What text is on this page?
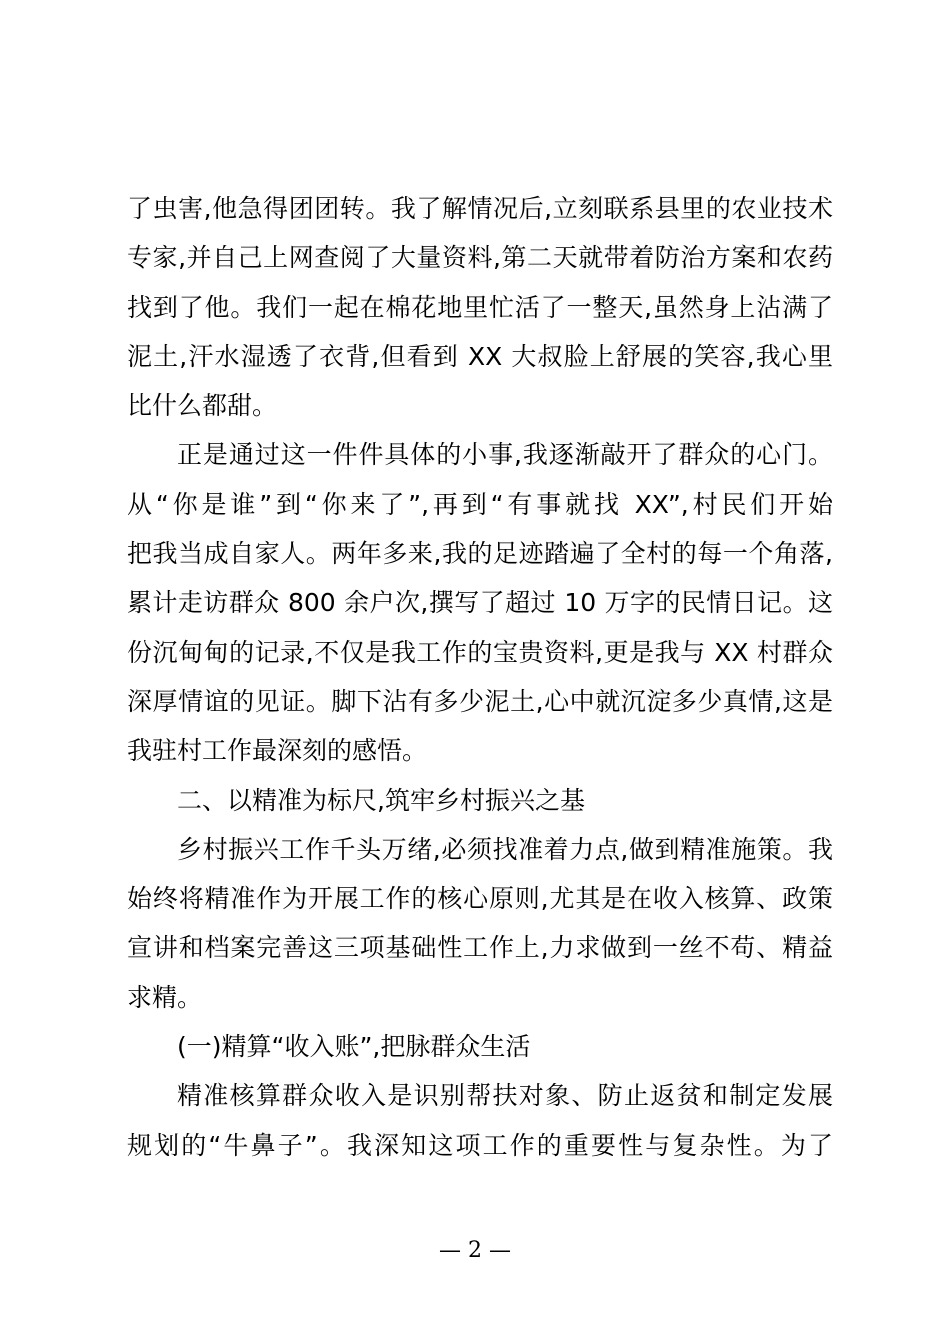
了虫害,他急得团团转。我了解情况后,立刻联系县里的农业技术
专家,并自己上网查阅了大量资料,第二天就带着防治方案和农药
找到了他。我们一起在棉花地里忙活了一整天,虽然身上沾满了
泥土,汗水湿透了衣背,但看到 XX 大叔脸上舒展的笑容,我心里
比什么都甜。

正是通过这一件件具体的小事,我逐渐敲开了群众的心门。
从“你是谁”到“你来了”,再到“有事就找 XX”,村民们开始
把我当成自家人。两年多来,我的足迹踏遍了全村的每一个角落,
累计走访群众 800 余户次,撰写了超过 10 万字的民情日记。这
份沉甸甸的记录,不仅是我工作的宝贵资料,更是我与 XX 村群众
深厚情谊的见证。脚下沾有多少泥土,心中就沉淀多少真情,这是
我驻村工作最深刻的感悟。

二、以精准为标尺,筑牢乡村振兴之基

乡村振兴工作千头万绪,必须找准着力点,做到精准施策。我
始终将精准作为开展工作的核心原则,尤其是在收入核算、政策
宣讲和档案完善这三项基础性工作上,力求做到一丝不苟、精益
求精。

(一)精算“收入账”,把脉群众生活

精准核算群众收入是识别帮扶对象、防止返贫和制定发展
规划的“牛鼻子”。我深知这项工作的重要性与复杂性。为了

— 2 —
